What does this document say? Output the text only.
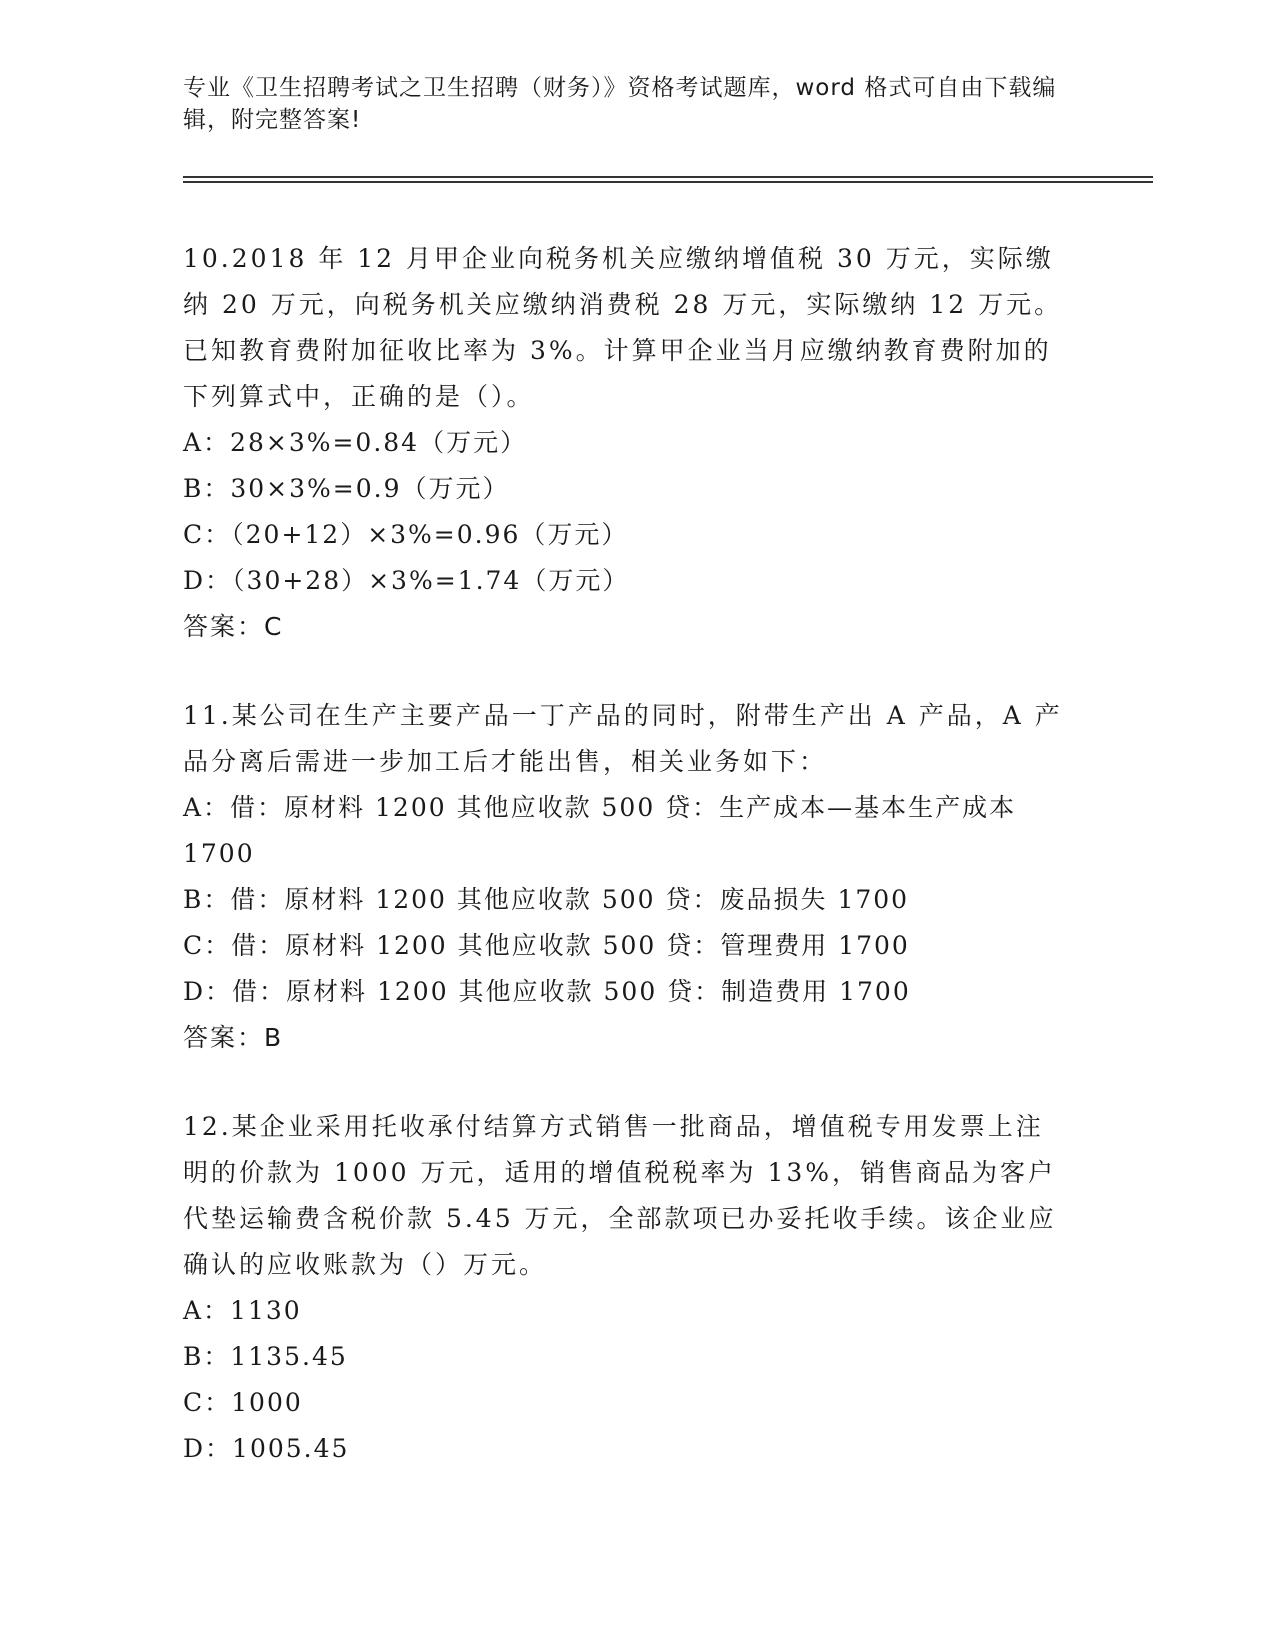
专业《卫生招聘考试之卫生招聘（财务）》资格考试题库，word 格式可自由下载编辑，附完整答案!

10.2018 年 12 月甲企业向税务机关应缴纳增值税 30 万元，实际缴纳 20 万元，向税务机关应缴纳消费税 28 万元，实际缴纳 12 万元。已知教育费附加征收比率为 3%。计算甲企业当月应缴纳教育费附加的下列算式中，正确的是（）。

A：28×3%=0.84（万元）
B：30×3%=0.9（万元）
C：（20+12）×3%=0.96（万元）
D：（30+28）×3%=1.74（万元）
答案：C

11.某公司在生产主要产品一丁产品的同时，附带生产出 A 产品，A 产品分离后需进一步加工后才能出售，相关业务如下：

A：借：原材料 1200 其他应收款 500 贷：生产成本—基本生产成本 1700
B：借：原材料 1200 其他应收款 500 贷：废品损失 1700
C：借：原材料 1200 其他应收款 500 贷：管理费用 1700
D：借：原材料 1200 其他应收款 500 贷：制造费用 1700
答案：B

12.某企业采用托收承付结算方式销售一批商品，增值税专用发票上注明的价款为 1000 万元，适用的增值税税率为 13%，销售商品为客户代垫运输费含税价款 5.45 万元，全部款项已办妥托收手续。该企业应确认的应收账款为（）万元。

A：1130
B：1135.45
C：1000
D：1005.45
